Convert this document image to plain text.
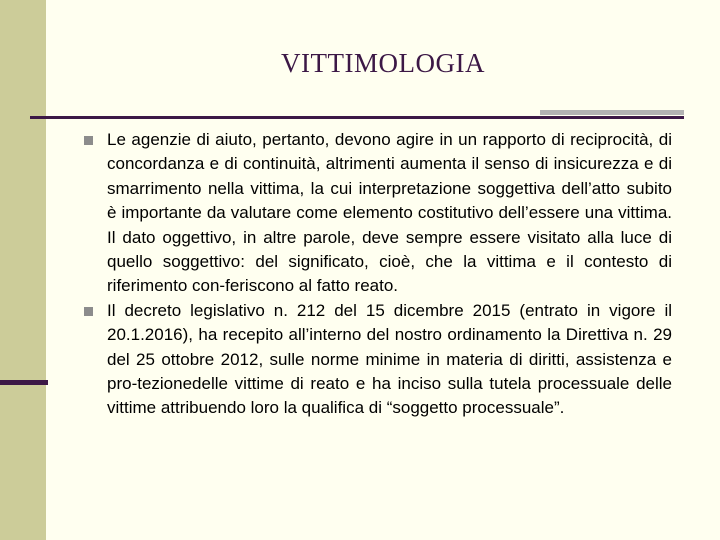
VITTIMOLOGIA

Le agenzie di aiuto, pertanto, devono agire in un rapporto di reciprocità, di concordanza e di continuità, altrimenti aumenta il senso di insicurezza e di smarrimento nella vittima, la cui interpretazione soggettiva dell’atto subito è importante da valutare come elemento costitutivo dell’essere una vittima. Il dato oggettivo, in altre parole, deve sempre essere visitato alla luce di quello soggettivo: del significato, cioè, che la vittima e il contesto di riferimento con-feriscono al fatto reato.

Il decreto legislativo n. 212 del 15 dicembre 2015 (entrato in vigore il 20.1.2016), ha recepito all’interno del nostro ordinamento la Direttiva n. 29 del 25 ottobre 2012, sulle norme minime in materia di diritti, assistenza e pro-tezionedelle vittime di reato e ha inciso sulla tutela processuale delle vittime attribuendo loro la qualifica di “soggetto processuale”.
